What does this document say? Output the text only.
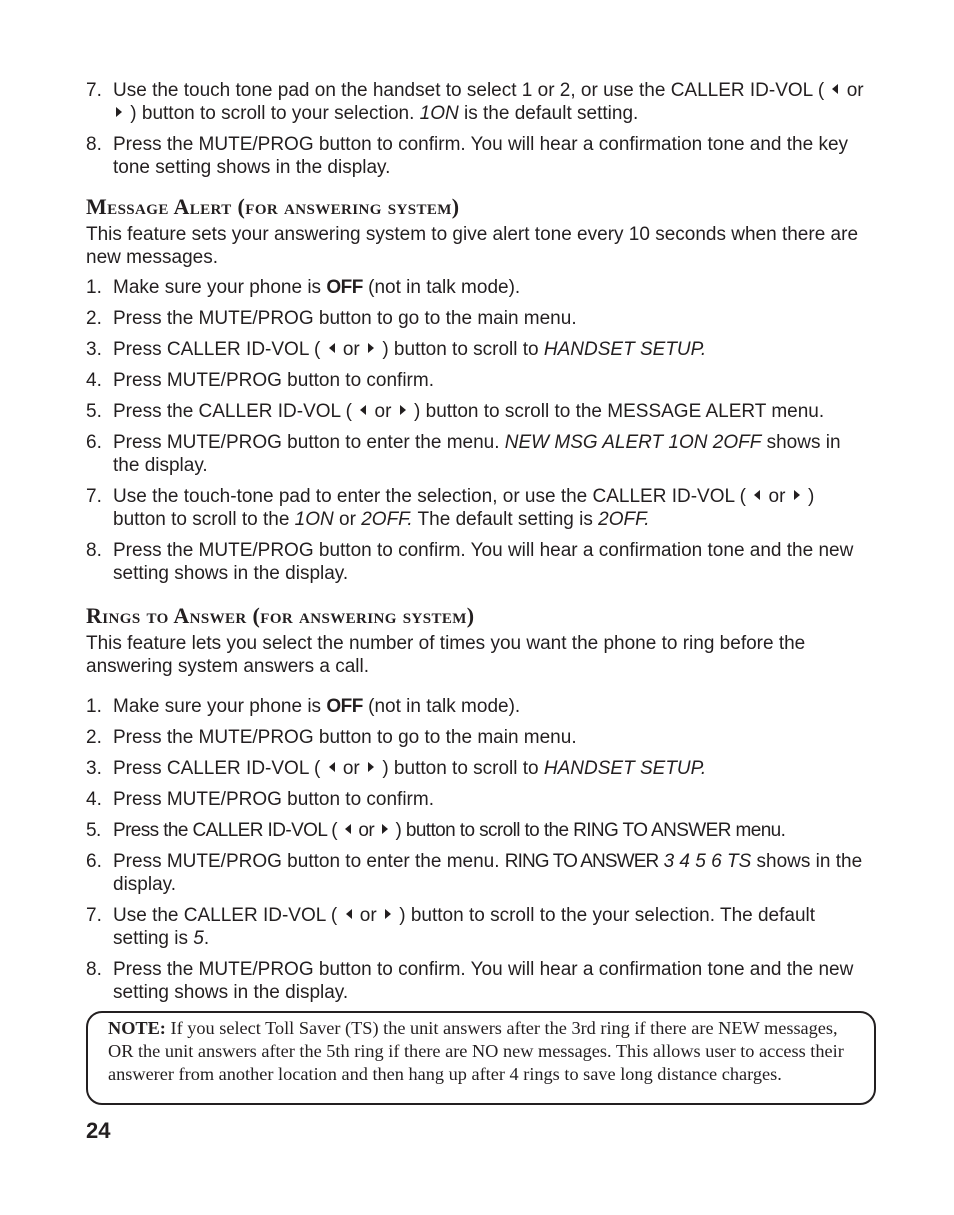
7. Use the touch tone pad on the handset to select 1 or 2, or use the CALLER ID-VOL ( or  ) button to scroll to your selection. 1ON is the default setting.
8. Press the MUTE/PROG button to confirm. You will hear a confirmation tone and the key tone setting shows in the display.
Message Alert (for answering system)

This feature sets your answering system to give alert tone every 10 seconds when there are new messages.

1. Make sure your phone is OFF (not in talk mode).
2. Press the MUTE/PROG button to go to the main menu.
3. Press CALLER ID-VOL ( or ) button to scroll to HANDSET SETUP.
4. Press MUTE/PROG button to confirm.
5. Press the CALLER ID-VOL ( or ) button to scroll to the MESSAGE ALERT menu.
6. Press MUTE/PROG button to enter the menu. NEW MSG ALERT 1ON 2OFF shows in the display.
7. Use the touch-tone pad to enter the selection, or use the CALLER ID-VOL ( or ) button to scroll to the 1ON or 2OFF. The default setting is 2OFF.
8. Press the MUTE/PROG button to confirm. You will hear a confirmation tone and the new setting shows in the display.
Rings to Answer (for answering system)

This feature lets you select the number of times you want the phone to ring before the answering system answers a call.

1. Make sure your phone is OFF (not in talk mode).
2. Press the MUTE/PROG button to go to the main menu.
3. Press CALLER ID-VOL ( or ) button to scroll to HANDSET SETUP.
4. Press MUTE/PROG button to confirm.
5. Press the CALLER ID-VOL ( or ) button to scroll to the RING TO ANSWER menu.
6. Press MUTE/PROG button to enter the menu. RING TO ANSWER 3 4 5 6 TS shows in the display.
7. Use the CALLER ID-VOL ( or ) button to scroll to the your selection. The default setting is 5.
8. Press the MUTE/PROG button to confirm. You will hear a confirmation tone and the new setting shows in the display.
NOTE: If you select Toll Saver (TS) the unit answers after the 3rd ring if there are NEW messages, OR the unit answers after the 5th ring if there are NO new messages. This allows user to access their answerer from another location and then hang up after 4 rings to save long distance charges.
24
